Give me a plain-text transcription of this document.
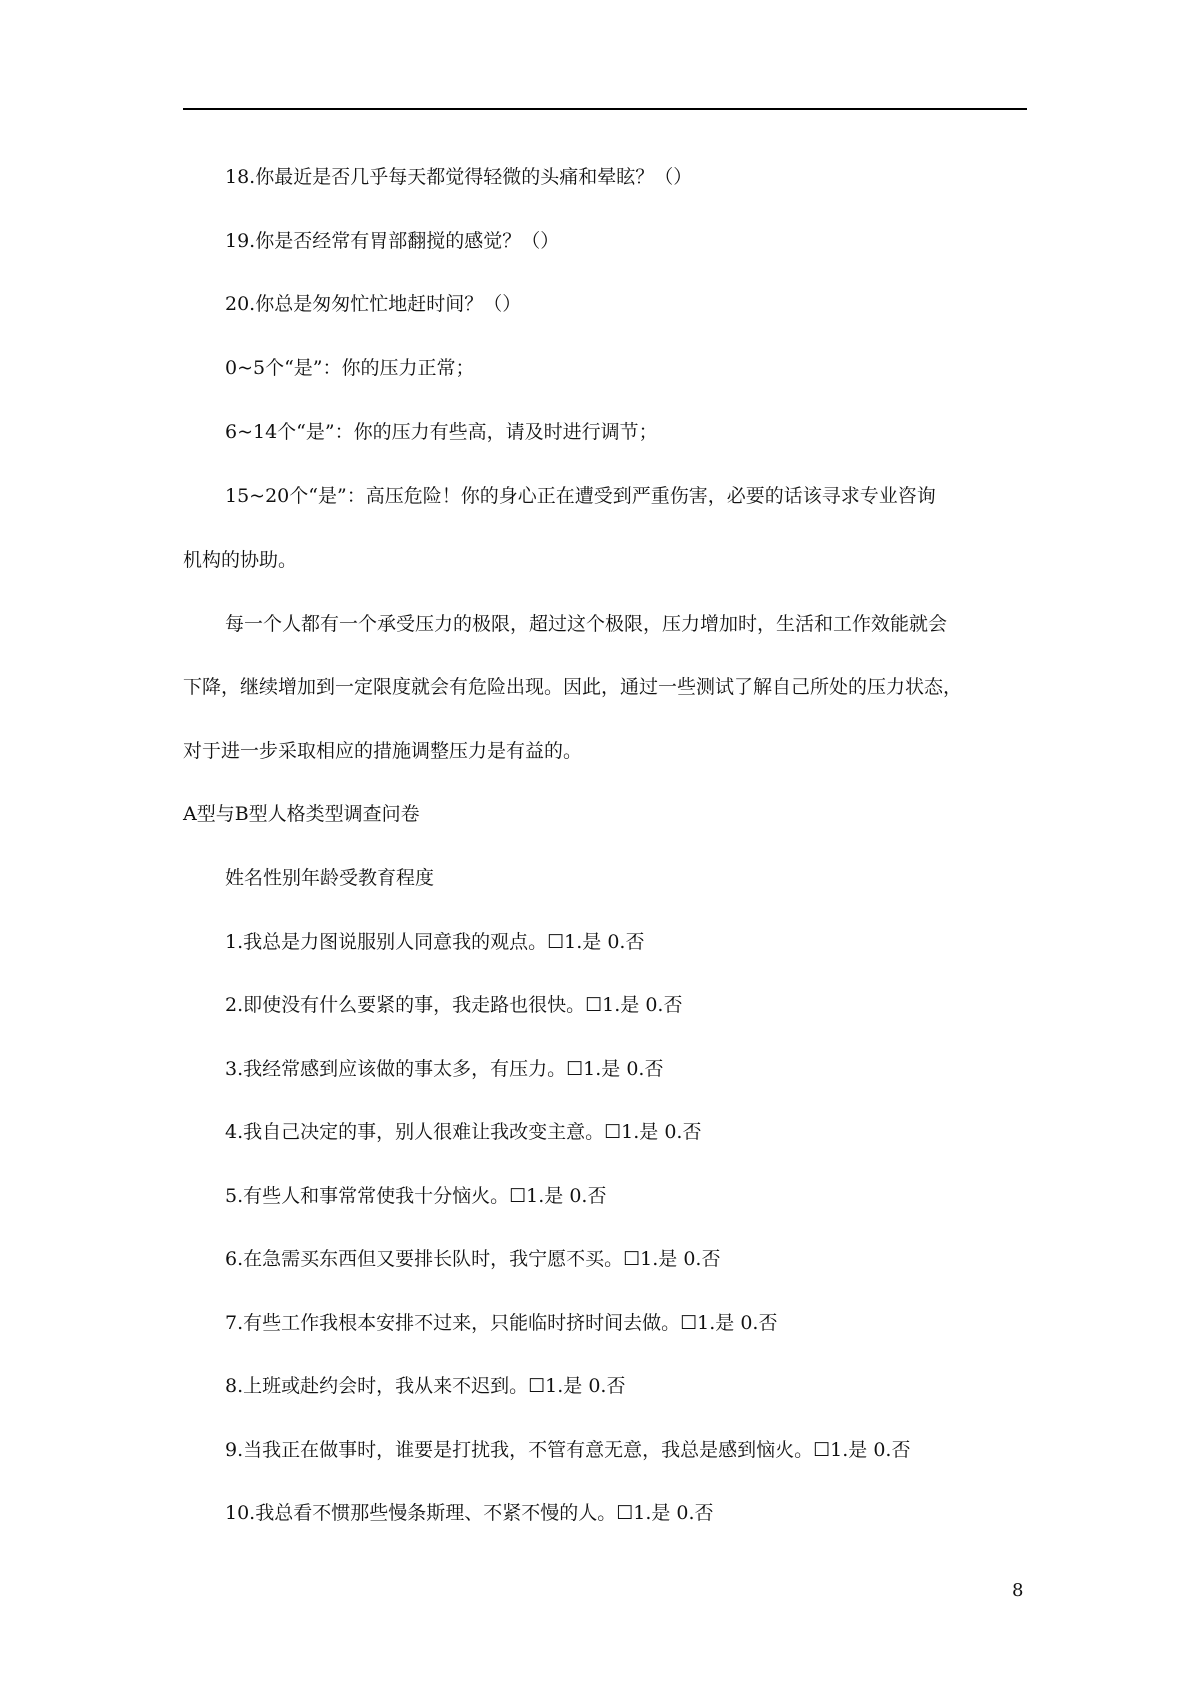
18.你最近是否几乎每天都觉得轻微的头痛和晕眩？（）
19.你是否经常有胃部翻搅的感觉？（）
20.你总是匆匆忙忙地赶时间？（）
0~5个“是”：你的压力正常；
6~14个“是”：你的压力有些高，请及时进行调节；
15~20个“是”：高压危险！你的身心正在遭受到严重伤害，必要的话该寻求专业咨询
机构的协助。
每一个人都有一个承受压力的极限，超过这个极限，压力增加时，生活和工作效能就会
下降，继续增加到一定限度就会有危险出现。因此，通过一些测试了解自己所处的压力状态，
对于进一步采取相应的措施调整压力是有益的。
A型与B型人格类型调查问卷
姓名性别年龄受教育程度
1.我总是力图说服别人同意我的观点。☐1.是 0.否
2.即使没有什么要紧的事，我走路也很快。☐1.是 0.否
3.我经常感到应该做的事太多，有压力。☐1.是 0.否
4.我自己决定的事，别人很难让我改变主意。☐1.是 0.否
5.有些人和事常常使我十分恼火。☐1.是 0.否
6.在急需买东西但又要排长队时，我宁愿不买。☐1.是 0.否
7.有些工作我根本安排不过来，只能临时挤时间去做。☐1.是 0.否
8.上班或赴约会时，我从来不迟到。☐1.是 0.否
9.当我正在做事时，谁要是打扰我，不管有意无意，我总是感到恼火。☐1.是 0.否
10.我总看不惯那些慢条斯理、不紧不慢的人。☐1.是 0.否
8
